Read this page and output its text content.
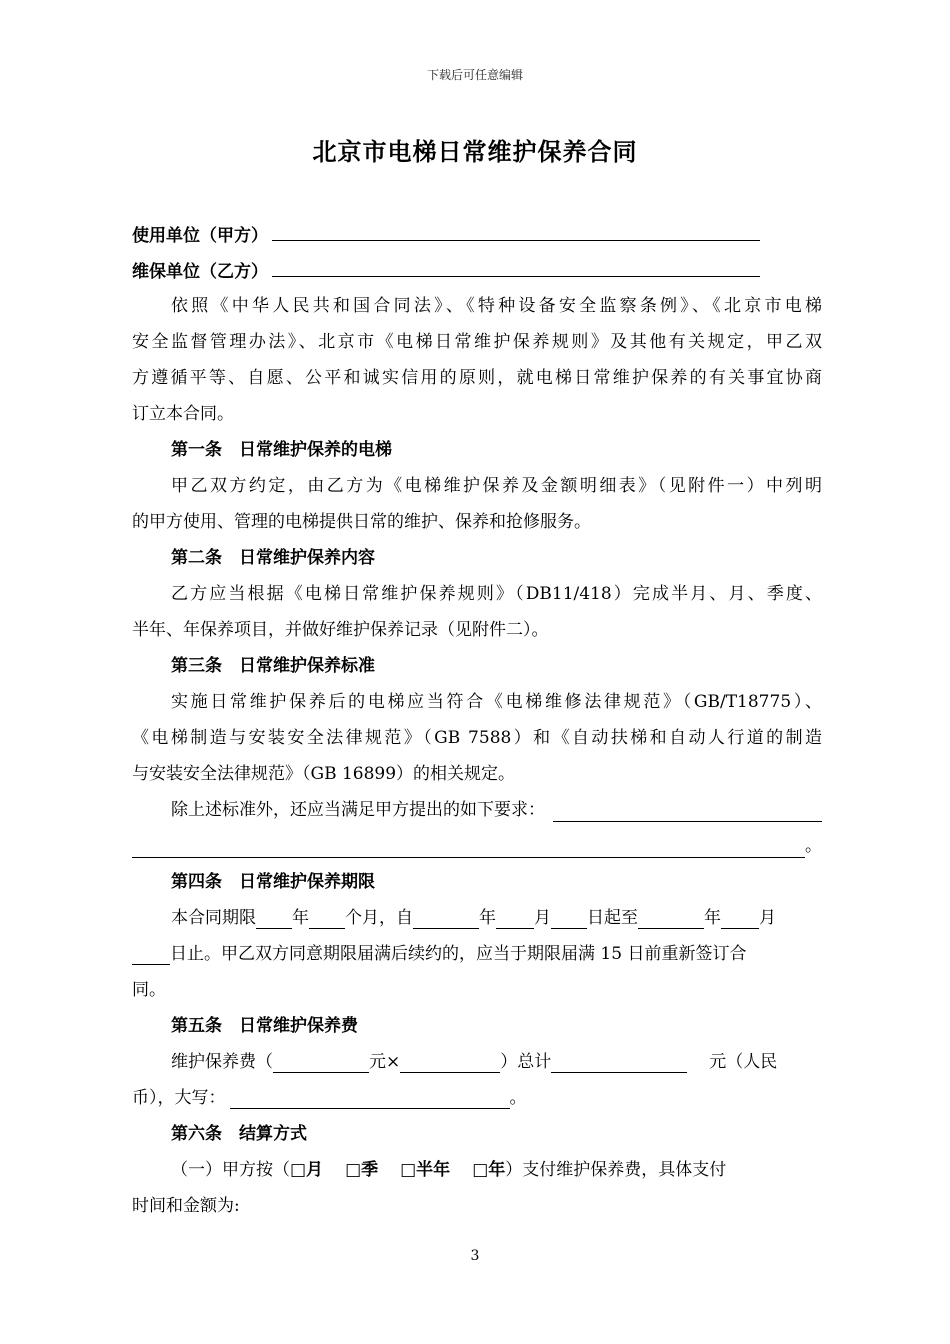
下载后可任意编辑
北京市电梯日常维护保养合同
使用单位（甲方）
维保单位（乙方）
依照《中华人民共和国合同法》、《特种设备安全监察条例》、《北京市电梯
安全监督管理办法》、北京市《电梯日常维护保养规则》及其他有关规定，甲乙双
方遵循平等、自愿、公平和诚实信用的原则，就电梯日常维护保养的有关事宜协商
订立本合同。
第一条　日常维护保养的电梯
甲乙双方约定，由乙方为《电梯维护保养及金额明细表》（见附件一）中列明
的甲方使用、管理的电梯提供日常的维护、保养和抢修服务。
第二条　日常维护保养内容
乙方应当根据《电梯日常维护保养规则》（DB11/418）完成半月、月、季度、
半年、年保养项目，并做好维护保养记录（见附件二）。
第三条　日常维护保养标准
实施日常维护保养后的电梯应当符合《电梯维修法律规范》（GB/T18775）、
《电梯制造与安装安全法律规范》（GB 7588）和《自动扶梯和自动人行道的制造
与安装安全法律规范》（GB 16899）的相关规定。
除上述标准外，还应当满足甲方提出的如下要求：
。
第四条　日常维护保养期限
本合同期限 年 个月，自	年 月 日起至	年 月
日止。甲乙双方同意期限届满后续约的，应当于期限届满 15 日前重新签订合
同。
第五条　日常维护保养费
维护保养费（	元×	）总计	元（人民
币），大写：	。
第六条　结算方式
（一）甲方按（□月 □季 □半年 □年）支付维护保养费，具体支付
时间和金额为:
3
